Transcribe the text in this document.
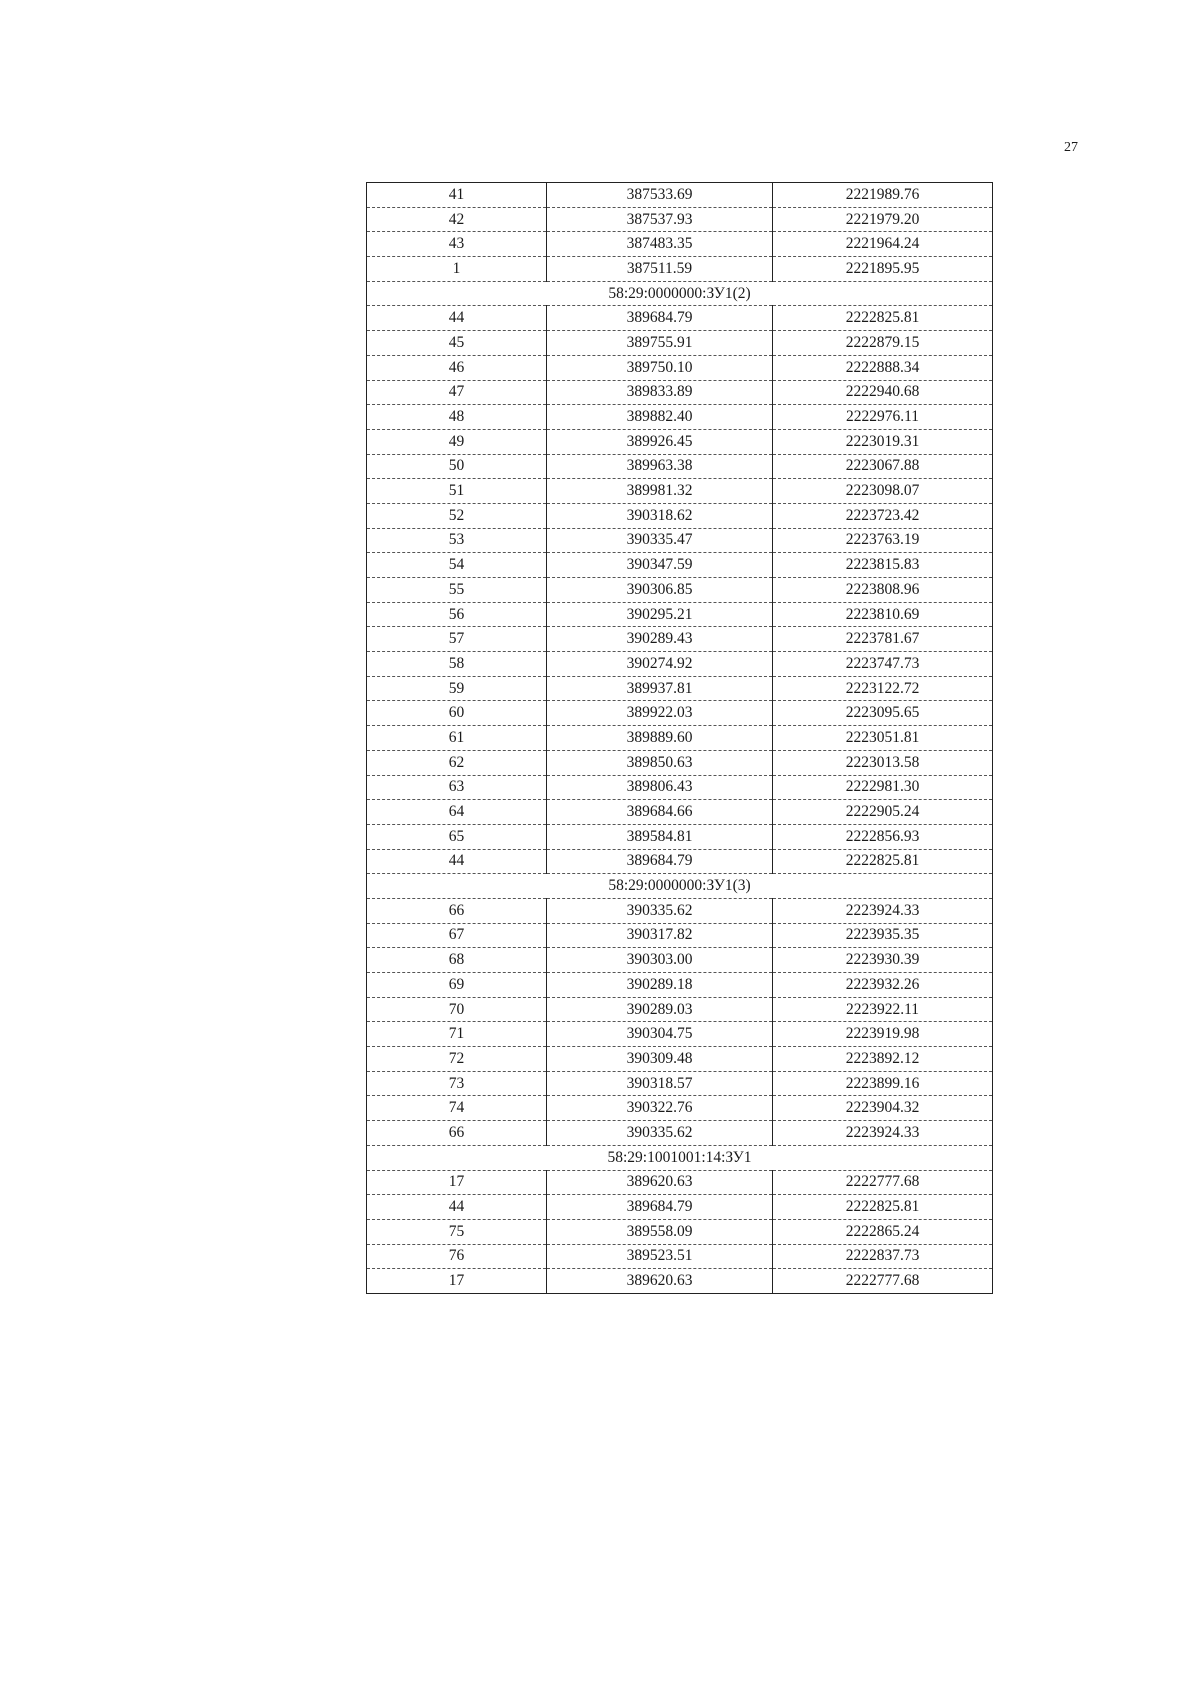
27
41	387533.69	2221989.76
42	387537.93	2221979.20
43	387483.35	2221964.24
1	387511.59	2221895.95
58:29:0000000:ЗУ1(2)		
44	389684.79	2222825.81
45	389755.91	2222879.15
46	389750.10	2222888.34
47	389833.89	2222940.68
48	389882.40	2222976.11
49	389926.45	2223019.31
50	389963.38	2223067.88
51	389981.32	2223098.07
52	390318.62	2223723.42
53	390335.47	2223763.19
54	390347.59	2223815.83
55	390306.85	2223808.96
56	390295.21	2223810.69
57	390289.43	2223781.67
58	390274.92	2223747.73
59	389937.81	2223122.72
60	389922.03	2223095.65
61	389889.60	2223051.81
62	389850.63	2223013.58
63	389806.43	2222981.30
64	389684.66	2222905.24
65	389584.81	2222856.93
44	389684.79	2222825.81
58:29:0000000:ЗУ1(3)		
66	390335.62	2223924.33
67	390317.82	2223935.35
68	390303.00	2223930.39
69	390289.18	2223932.26
70	390289.03	2223922.11
71	390304.75	2223919.98
72	390309.48	2223892.12
73	390318.57	2223899.16
74	390322.76	2223904.32
66	390335.62	2223924.33
58:29:1001001:14:ЗУ1		
17	389620.63	2222777.68
44	389684.79	2222825.81
75	389558.09	2222865.24
76	389523.51	2222837.73
17	389620.63	2222777.68
